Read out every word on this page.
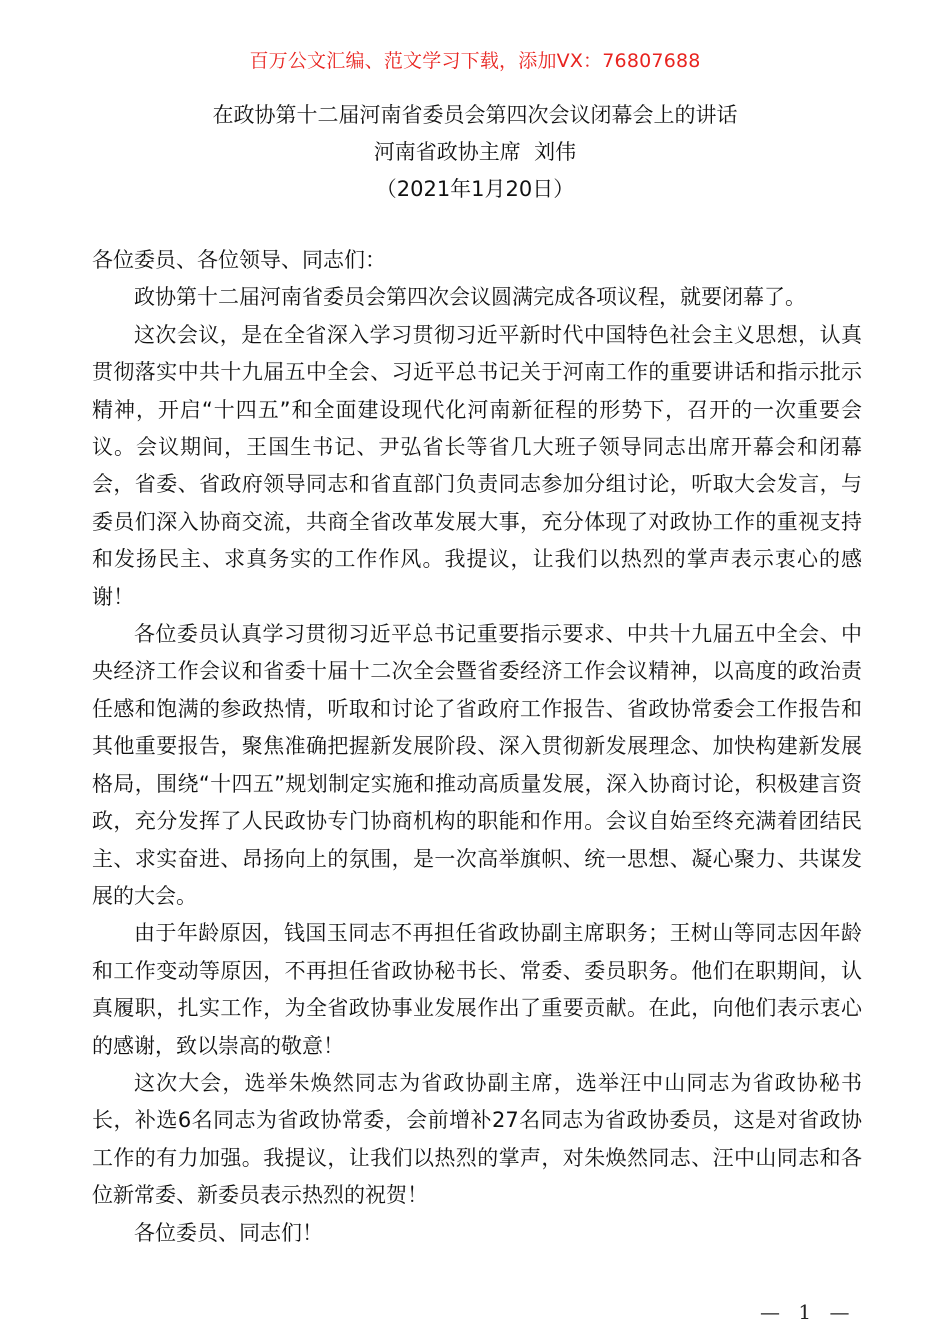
百万公文汇编、范文学习下载，添加VX：76807688
在政协第十二届河南省委员会第四次会议闭幕会上的讲话
河南省政协主席  刘伟
（2021年1月20日）

各位委员、各位领导、同志们：

政协第十二届河南省委员会第四次会议圆满完成各项议程，就要闭幕了。

这次会议，是在全省深入学习贯彻习近平新时代中国特色社会主义思想，认真贯彻落实中共十九届五中全会、习近平总书记关于河南工作的重要讲话和指示批示精神，开启“十四五”和全面建设现代化河南新征程的形势下，召开的一次重要会议。会议期间，王国生书记、尹弘省长等省几大班子领导同志出席开幕会和闭幕会，省委、省政府领导同志和省直部门负责同志参加分组讨论，听取大会发言，与委员们深入协商交流，共商全省改革发展大事，充分体现了对政协工作的重视支持和发扬民主、求真务实的工作作风。我提议，让我们以热烈的掌声表示衷心的感谢！

各位委员认真学习贯彻习近平总书记重要指示要求、中共十九届五中全会、中央经济工作会议和省委十届十二次全会暨省委经济工作会议精神，以高度的政治责任感和饱满的参政热情，听取和讨论了省政府工作报告、省政协常委会工作报告和其他重要报告，聚焦准确把握新发展阶段、深入贯彻新发展理念、加快构建新发展格局，围绕“十四五”规划制定实施和推动高质量发展，深入协商讨论，积极建言资政，充分发挥了人民政协专门协商机构的职能和作用。会议自始至终充满着团结民主、求实奋进、昂扬向上的氛围，是一次高举旗帜、统一思想、凝心聚力、共谋发展的大会。

由于年龄原因，钱国玉同志不再担任省政协副主席职务；王树山等同志因年龄和工作变动等原因，不再担任省政协秘书长、常委、委员职务。他们在职期间，认真履职，扎实工作，为全省政协事业发展作出了重要贡献。在此，向他们表示衷心的感谢，致以崇高的敬意！

这次大会，选举朱焕然同志为省政协副主席，选举汪中山同志为省政协秘书长，补选6名同志为省政协常委，会前增补27名同志为省政协委员，这是对省政协工作的有力加强。我提议，让我们以热烈的掌声，对朱焕然同志、汪中山同志和各位新常委、新委员表示热烈的祝贺！

各位委员、同志们！

— 1 —
